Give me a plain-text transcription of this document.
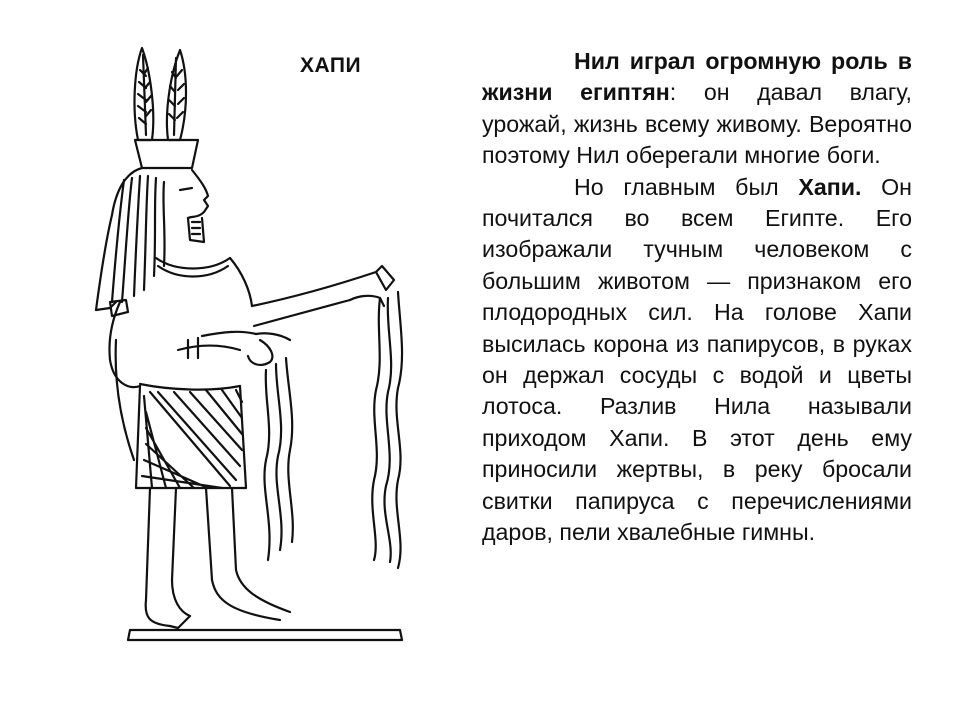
ХАПИ	Нил играл огромную роль в жизни египтян: он давал влагу, урожай, жизнь всему живому. Вероятно поэтому Нил оберегали многие боги.

Но главным был Хапи. Он почитался во всем Египте. Его изображали тучным человеком с большим животом — признаком его плодородных сил. На голове Хапи высилась корона из папирусов, в руках он держал сосуды с водой и цветы лотоса. Разлив Нила называли приходом Хапи. В этот день ему приносили жертвы, в реку бросали свитки папируса с перечислениями даров, пели хвалебные гимны.
